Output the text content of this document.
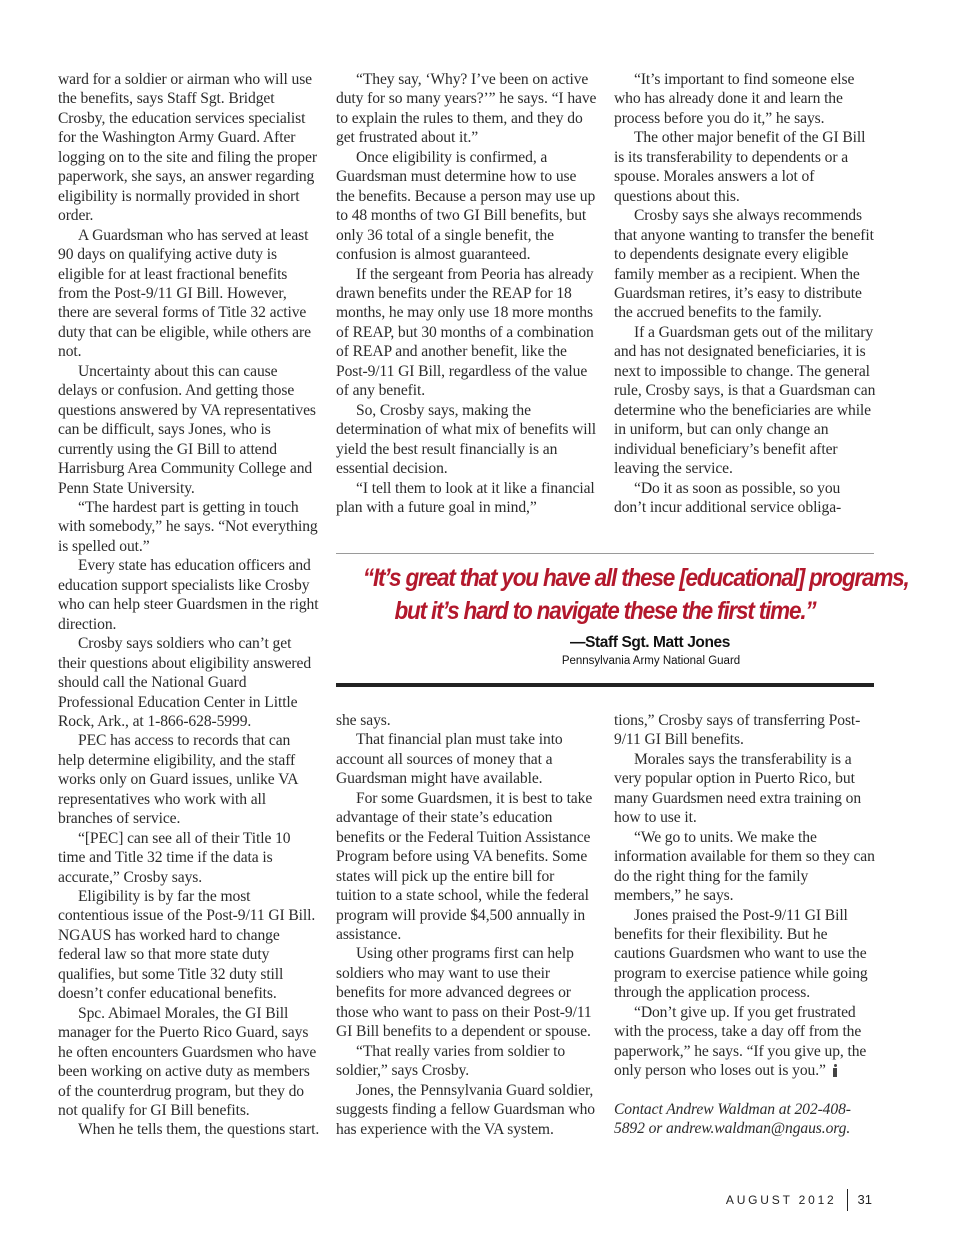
ward for a soldier or airman who will use the benefits, says Staff Sgt. Bridget Crosby, the education services specialist for the Washington Army Guard. After logging on to the site and filing the proper paperwork, she says, an answer regarding eligibility is normally provided in short order.

A Guardsman who has served at least 90 days on qualifying active duty is eligible for at least fractional benefits from the Post-9/11 GI Bill. However, there are several forms of Title 32 active duty that can be eligible, while others are not.

Uncertainty about this can cause delays or confusion. And getting those questions answered by VA representatives can be difficult, says Jones, who is currently using the GI Bill to attend Harrisburg Area Community College and Penn State University.

“The hardest part is getting in touch with somebody,” he says. “Not everything is spelled out.”

Every state has education officers and education support specialists like Crosby who can help steer Guardsmen in the right direction.

Crosby says soldiers who can’t get their questions about eligibility answered should call the National Guard Professional Education Center in Little Rock, Ark., at 1-866-628-5999.

PEC has access to records that can help determine eligibility, and the staff works only on Guard issues, unlike VA representatives who work with all branches of service.

“[PEC] can see all of their Title 10 time and Title 32 time if the data is accurate,” Crosby says.

Eligibility is by far the most contentious issue of the Post-9/11 GI Bill. NGAUS has worked hard to change federal law so that more state duty qualifies, but some Title 32 duty still doesn’t confer educational benefits.

Spc. Abimael Morales, the GI Bill manager for the Puerto Rico Guard, says he often encounters Guardsmen who have been working on active duty as members of the counterdrug program, but they do not qualify for GI Bill benefits.

When he tells them, the questions start.

“They say, ‘Why? I’ve been on active duty for so many years?’” he says. “I have to explain the rules to them, and they do get frustrated about it.”

Once eligibility is confirmed, a Guardsman must determine how to use the benefits. Because a person may use up to 48 months of two GI Bill benefits, but only 36 total of a single benefit, the confusion is almost guaranteed.

If the sergeant from Peoria has already drawn benefits under the REAP for 18 months, he may only use 18 more months of REAP, but 30 months of a combination of REAP and another benefit, like the Post-9/11 GI Bill, regardless of the value of any benefit.

So, Crosby says, making the determination of what mix of benefits will yield the best result financially is an essential decision.

“I tell them to look at it like a financial plan with a future goal in mind,”

“It’s important to find someone else who has already done it and learn the process before you do it,” he says.

The other major benefit of the GI Bill is its transferability to dependents or a spouse. Morales answers a lot of questions about this.

Crosby says she always recommends that anyone wanting to transfer the benefit to dependents designate every eligible family member as a recipient. When the Guardsman retires, it’s easy to distribute the accrued benefits to the family.

If a Guardsman gets out of the military and has not designated beneficiaries, it is next to impossible to change. The general rule, Crosby says, is that a Guardsman can determine who the beneficiaries are while in uniform, but can only change an individual beneficiary’s benefit after leaving the service.

“Do it as soon as possible, so you don’t incur additional service obliga-

“It’s great that you have all these [educational] programs,
but it’s hard to navigate these the first time.”
—Staff Sgt. Matt Jones
Pennsylvania Army National Guard

she says.

That financial plan must take into account all sources of money that a Guardsman might have available.

For some Guardsmen, it is best to take advantage of their state’s education benefits or the Federal Tuition Assistance Program before using VA benefits. Some states will pick up the entire bill for tuition to a state school, while the federal program will provide $4,500 annually in assistance.

Using other programs first can help soldiers who may want to use their benefits for more advanced degrees or those who want to pass on their Post-9/11 GI Bill benefits to a dependent or spouse.

“That really varies from soldier to soldier,” says Crosby.

Jones, the Pennsylvania Guard soldier, suggests finding a fellow Guardsman who has experience with the VA system.

tions,” Crosby says of transferring Post-9/11 GI Bill benefits.

Morales says the transferability is a very popular option in Puerto Rico, but many Guardsmen need extra training on how to use it.

“We go to units. We make the information available for them so they can do the right thing for the family members,” he says.

Jones praised the Post-9/11 GI Bill benefits for their flexibility. But he cautions Guardsmen who want to use the program to exercise patience while going through the application process.

“Don’t give up. If you get frustrated with the process, take a day off from the paperwork,” he says. “If you give up, the only person who loses out is you.”

Contact Andrew Waldman at 202-408-5892 or andrew.waldman@ngaus.org.

AUGUST 2012 31
